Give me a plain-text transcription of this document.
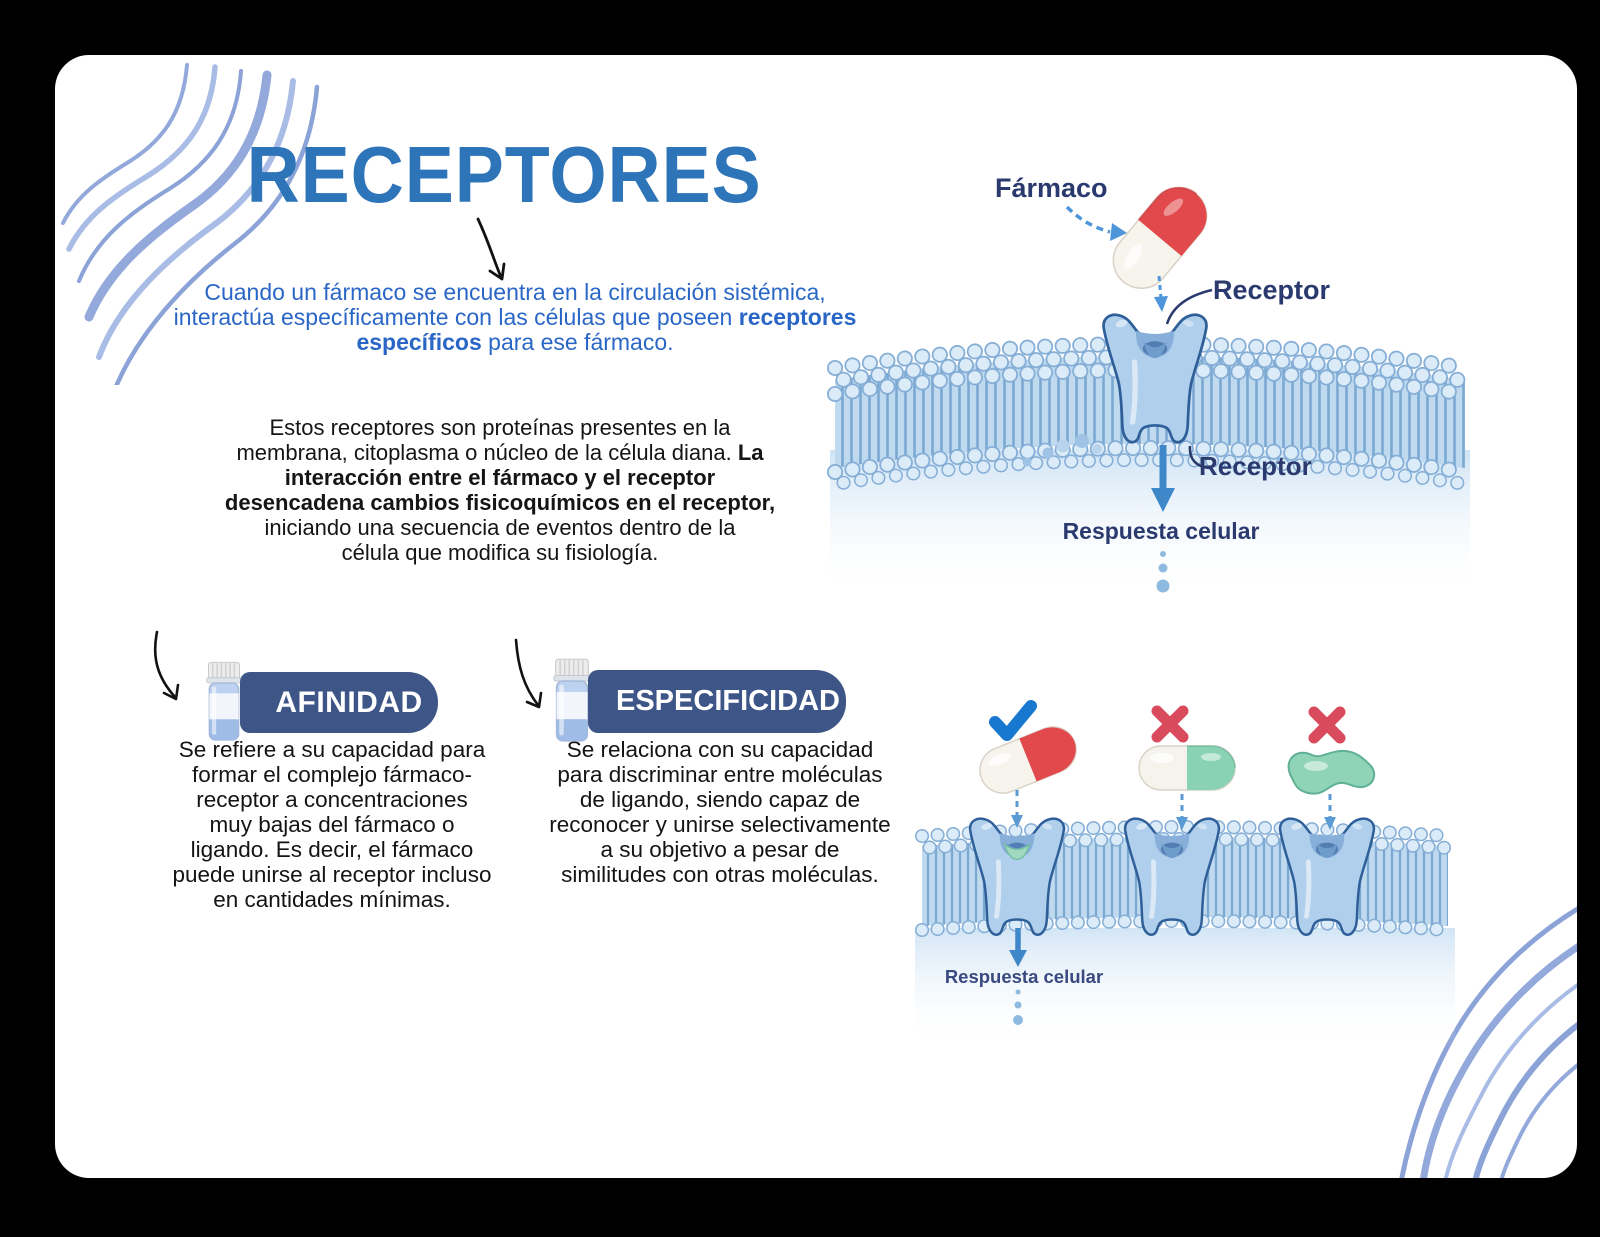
RECEPTORES
Cuando un fármaco se encuentra en la circulación sistémica,
interactúa específicamente con las células que poseen receptores
específicos para ese fármaco.
Estos receptores son proteínas presentes en la
membrana, citoplasma o núcleo de la célula diana. La
interacción entre el fármaco y el receptor
desencadena cambios fisicoquímicos en el receptor,
iniciando una secuencia de eventos dentro de la
célula que modifica su fisiología.
AFINIDAD
Se refiere a su capacidad para formar el complejo fármaco-receptor a concentraciones muy bajas del fármaco o ligando. Es decir, el fármaco puede unirse al receptor incluso en cantidades mínimas.
ESPECIFICIDAD
Se relaciona con su capacidad para discriminar entre moléculas de ligando, siendo capaz de reconocer y unirse selectivamente a su objetivo a pesar de similitudes con otras moléculas.
Fármaco
Receptor
Receptor
Respuesta celular
Respuesta celular
